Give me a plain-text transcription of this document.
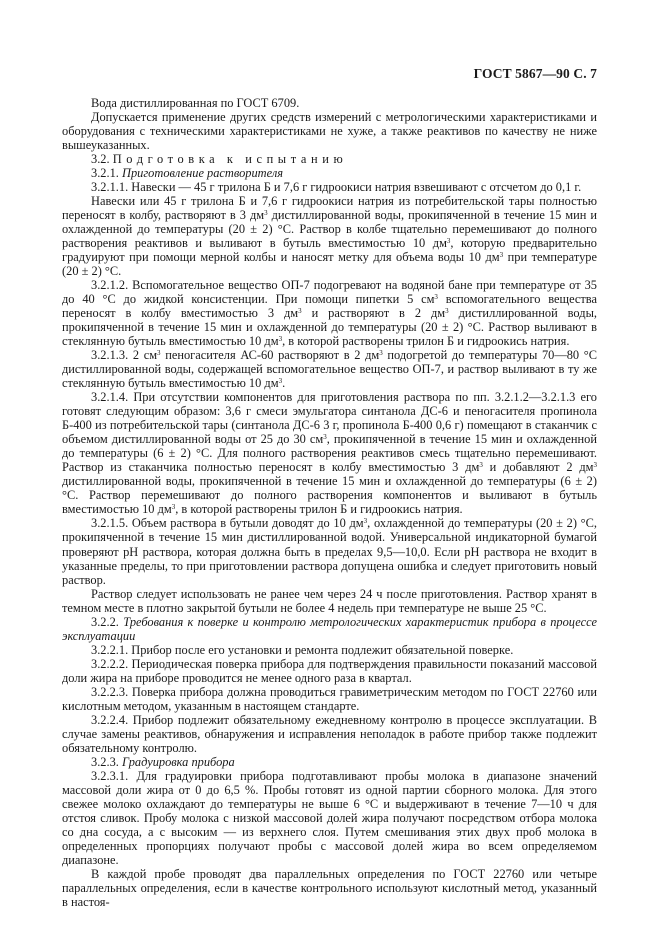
ГОСТ 5867—90 С. 7

Вода дистиллированная по ГОСТ 6709.

Допускается применение других средств измерений с метрологическими характеристиками и оборудования с техническими характеристиками не хуже, а также реактивов по качеству не ниже вышеуказанных.

3.2. Подготовка к испытанию

3.2.1. Приготовление растворителя

3.2.1.1. Навески — 45 г трилона Б и 7,6 г гидроокиси натрия взвешивают с отсчетом до 0,1 г.

Навески или 45 г трилона Б и 7,6 г гидроокиси натрия из потребительской тары полностью переносят в колбу, растворяют в 3 $дм^3$ дистиллированной воды, прокипяченной в течение 15 мин и охлажденной до температуры (20 ± 2) °С. Раствор в колбе тщательно перемешивают до полного растворения реактивов и выливают в бутыль вместимостью 10 $дм^3$, которую предварительно градуируют при помощи мерной колбы и наносят метку для объема воды 10 $дм^3$ при температуре (20 ± 2) °С.

3.2.1.2. Вспомогательное вещество ОП-7 подогревают на водяной бане при температуре от 35 до 40 °С до жидкой консистенции. При помощи пипетки 5 $см^3$ вспомогательного вещества переносят в колбу вместимостью 3 $дм^3$ и растворяют в 2 $дм^3$ дистиллированной воды, прокипяченной в течение 15 мин и охлажденной до температуры (20 ± 2) °С. Раствор выливают в стеклянную бутыль вместимостью 10 $дм^3$, в которой растворены трилон Б и гидроокись натрия.

3.2.1.3. 2 $см^3$ пеногасителя АС-60 растворяют в 2 $дм^3$ подогретой до температуры 70—80 °С дистиллированной воды, содержащей вспомогательное вещество ОП-7, и раствор выливают в ту же стеклянную бутыль вместимостью 10 $дм^3$.

3.2.1.4. При отсутствии компонентов для приготовления раствора по пп. 3.2.1.2—3.2.1.3 его готовят следующим образом: 3,6 г смеси эмульгатора синтанола ДС-6 и пеногасителя пропинола Б-400 из потребительской тары (синтанола ДС-6 3 г, пропинола Б-400 0,6 г) помещают в стаканчик с объемом дистиллированной воды от 25 до 30 $см^3$, прокипяченной в течение 15 мин и охлажденной до температуры (6 ± 2) °С. Для полного растворения реактивов смесь тщательно перемешивают. Раствор из стаканчика полностью переносят в колбу вместимостью 3 $дм^3$ и добавляют 2 $дм^3$ дистиллированной воды, прокипяченной в течение 15 мин и охлажденной до температуры (6 ± 2) °С. Раствор перемешивают до полного растворения компонентов и выливают в бутыль вместимостью 10 $дм^3$, в которой растворены трилон Б и гидроокись натрия.

3.2.1.5. Объем раствора в бутыли доводят до 10 $дм^3$, охлажденной до температуры (20 ± 2) °С, прокипяченной в течение 15 мин дистиллированной водой. Универсальной индикаторной бумагой проверяют рН раствора, которая должна быть в пределах 9,5—10,0. Если рН раствора не входит в указанные пределы, то при приготовлении раствора допущена ошибка и следует приготовить новый раствор.

Раствор следует использовать не ранее чем через 24 ч после приготовления. Раствор хранят в темном месте в плотно закрытой бутыли не более 4 недель при температуре не выше 25 °С.

3.2.2. Требования к поверке и контролю метрологических характеристик прибора в процессе эксплуатации

3.2.2.1. Прибор после его установки и ремонта подлежит обязательной поверке.

3.2.2.2. Периодическая поверка прибора для подтверждения правильности показаний массовой доли жира на приборе проводится не менее одного раза в квартал.

3.2.2.3. Поверка прибора должна проводиться гравиметрическим методом по ГОСТ 22760 или кислотным методом, указанным в настоящем стандарте.

3.2.2.4. Прибор подлежит обязательному ежедневному контролю в процессе эксплуатации. В случае замены реактивов, обнаружения и исправления неполадок в работе прибор также подлежит обязательному контролю.

3.2.3. Градуировка прибора

3.2.3.1. Для градуировки прибора подготавливают пробы молока в диапазоне значений массовой доли жира от 0 до 6,5 %. Пробы готовят из одной партии сборного молока. Для этого свежее молоко охлаждают до температуры не выше 6 °С и выдерживают в течение 7—10 ч для отстоя сливок. Пробу молока с низкой массовой долей жира получают посредством отбора молока со дна сосуда, а с высоким — из верхнего слоя. Путем смешивания этих двух проб молока в определенных пропорциях получают пробы с массовой долей жира во всем определяемом диапазоне.

В каждой пробе проводят два параллельных определения по ГОСТ 22760 или четыре параллельных определения, если в качестве контрольного используют кислотный метод, указанный в настоя-
